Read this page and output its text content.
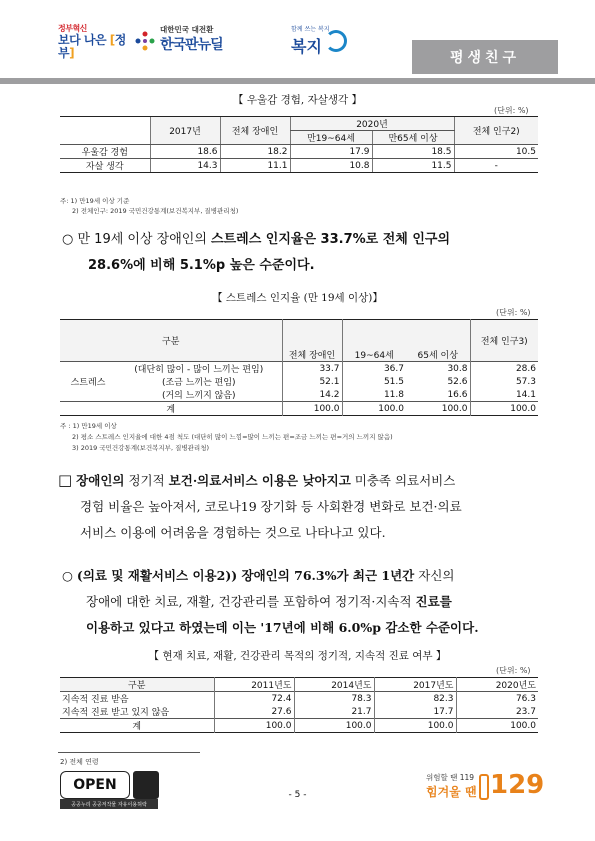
정부혁신
보다 나은 [정부]
대한민국 대전환
한국판뉴딜
함께 쓰는 복지
복지
평생친구
【 우울감 경험, 자살생각 】
(단위: %)
	2017년	전체 장애인	2020년		전체 인구2)
			만19~64세	만65세 이상	
우울감 경험	18.6	18.2	17.9	18.5	10.5
자살 생각	14.3	11.1	10.8	11.5	-
주: 1) 만19세 이상 기준
2) 전체인구: 2019 국민건강통계(보건복지부, 질병관리청)
○ 만 19세 이상 장애인의 스트레스 인지율은 33.7%로 전체 인구의
28.6%에 비해 5.1%p 높은 수준이다.
【 스트레스 인지율 (만 19세 이상)】
(단위: %)
구분		전체 장애인	19~64세	65세 이상	전체 인구3)
스트레스	(대단히 많이 - 많이 느끼는 편임)	33.7	36.7	30.8	28.6
	(조금 느끼는 편임)	52.1	51.5	52.6	57.3
	(거의 느끼지 않음)	14.2	11.8	16.6	14.1
계		100.0	100.0	100.0	100.0
주 : 1) 만19세 이상
2) 평소 스트레스 인지율에 대한 4점 척도 (대단히 많이 느낌=많이 느끼는 편=조금 느끼는 편=거의 느끼지 않음)
3) 2019 국민건강통계(보건복지부, 질병관리청)
□ 장애인의 정기적 보건·의료서비스 이용은 낮아지고 미충족 의료서비스
경험 비율은 높아져서, 코로나19 장기화 등 사회환경 변화로 보건·의료
서비스 이용에 어려움을 경험하는 것으로 나타나고 있다.
○ (의료 및 재활서비스 이용2)) 장애인의 76.3%가 최근 1년간 자신의
장애에 대한 치료, 재활, 건강관리를 포함하여 정기적·지속적 진료를
이용하고 있다고 하였는데 이는 '17년에 비해 6.0%p 감소한 수준이다.
【 현재 치료, 재활, 건강관리 목적의 정기적, 지속적 진료 여부 】
(단위: %)
구분	2011년도	2014년도	2017년도	2020년도
지속적 진료 받음	72.4	78.3	82.3	76.3
지속적 진료 받고 있지 않음	27.6	21.7	17.7	23.7
계	100.0	100.0	100.0	100.0
2) 전체 연령
OPEN
공공누리 공공저작물 자유이용허락
- 5 -
위험할 땐 119
힘겨울 땐 129
